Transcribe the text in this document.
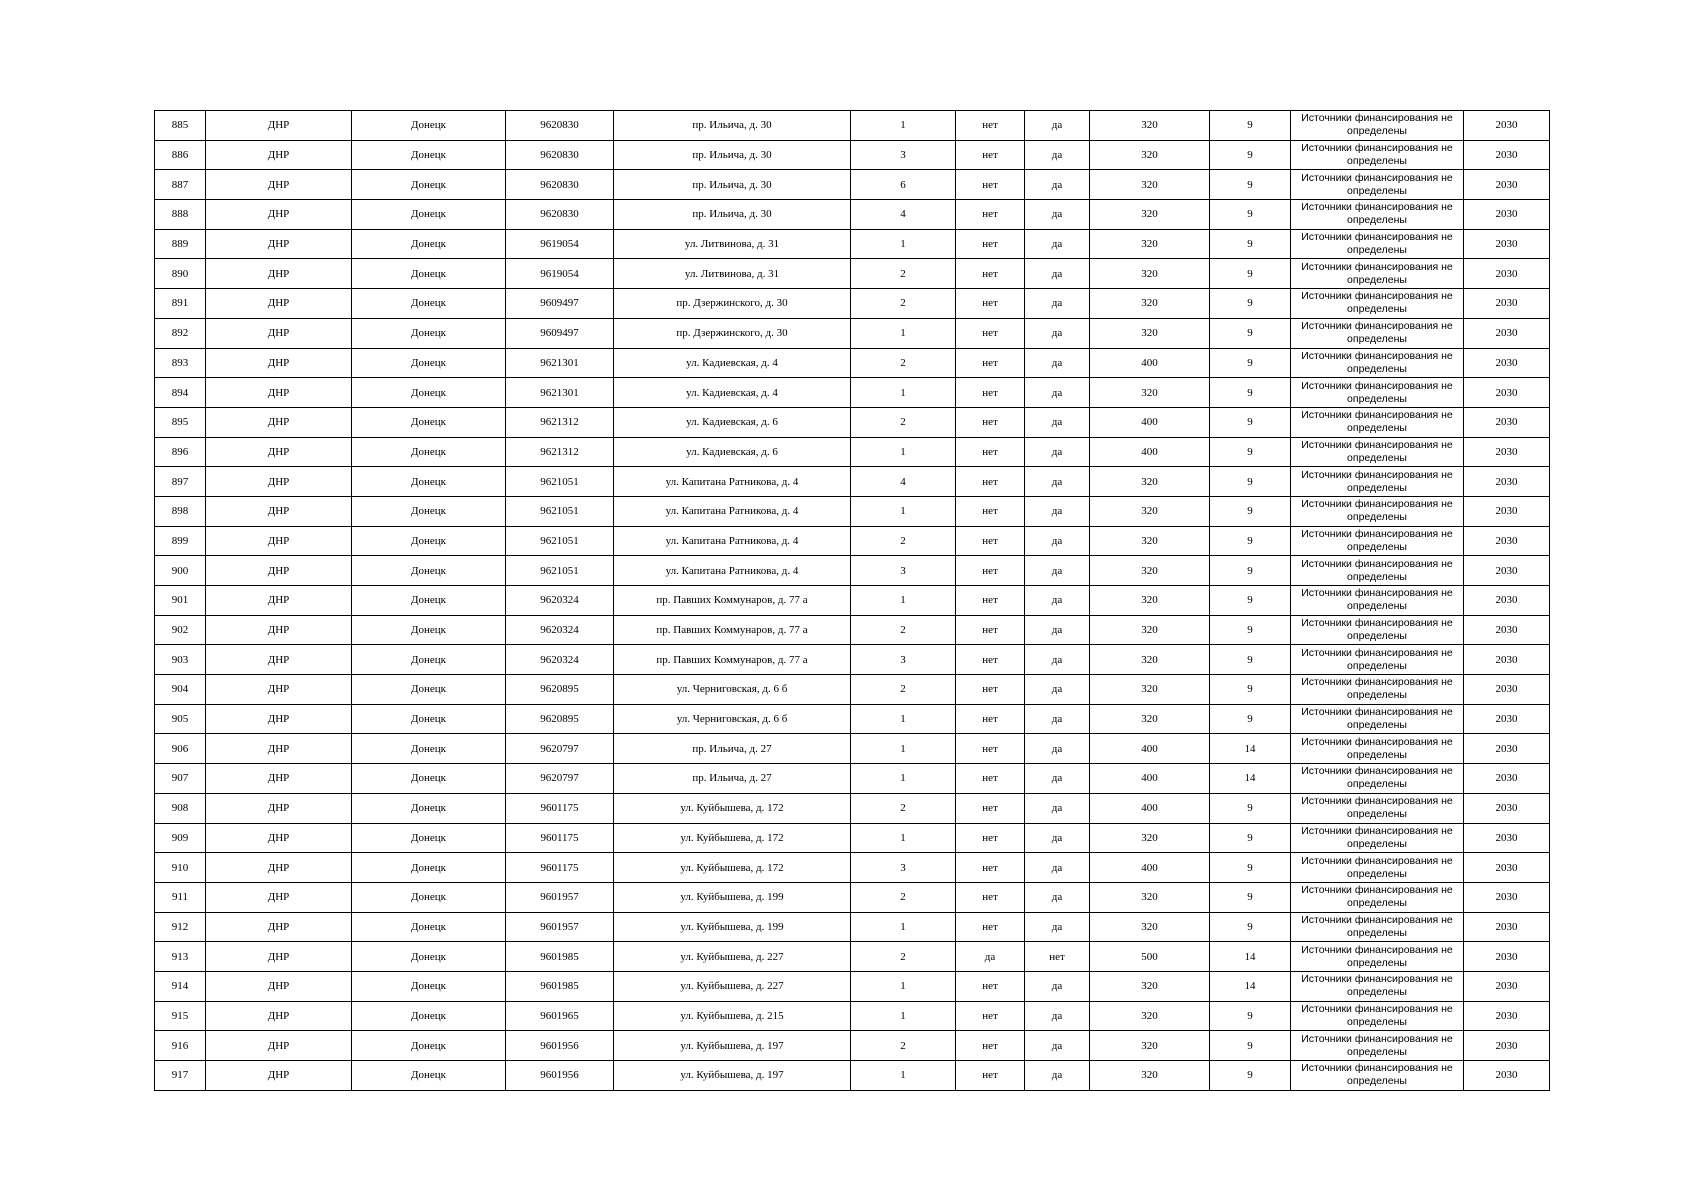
885	ДНР	Донецк	9620830	пр. Ильича, д. 30	1	нет	да	320	9	Источники финансирования не определены	2030
886	ДНР	Донецк	9620830	пр. Ильича, д. 30	3	нет	да	320	9	Источники финансирования не определены	2030
887	ДНР	Донецк	9620830	пр. Ильича, д. 30	6	нет	да	320	9	Источники финансирования не определены	2030
888	ДНР	Донецк	9620830	пр. Ильича, д. 30	4	нет	да	320	9	Источники финансирования не определены	2030
889	ДНР	Донецк	9619054	ул. Литвинова, д. 31	1	нет	да	320	9	Источники финансирования не определены	2030
890	ДНР	Донецк	9619054	ул. Литвинова, д. 31	2	нет	да	320	9	Источники финансирования не определены	2030
891	ДНР	Донецк	9609497	пр. Дзержинского, д. 30	2	нет	да	320	9	Источники финансирования не определены	2030
892	ДНР	Донецк	9609497	пр. Дзержинского, д. 30	1	нет	да	320	9	Источники финансирования не определены	2030
893	ДНР	Донецк	9621301	ул. Кадиевская, д. 4	2	нет	да	400	9	Источники финансирования не определены	2030
894	ДНР	Донецк	9621301	ул. Кадиевская, д. 4	1	нет	да	320	9	Источники финансирования не определены	2030
895	ДНР	Донецк	9621312	ул. Кадиевская, д. 6	2	нет	да	400	9	Источники финансирования не определены	2030
896	ДНР	Донецк	9621312	ул. Кадиевская, д. 6	1	нет	да	400	9	Источники финансирования не определены	2030
897	ДНР	Донецк	9621051	ул. Капитана Ратникова, д. 4	4	нет	да	320	9	Источники финансирования не определены	2030
898	ДНР	Донецк	9621051	ул. Капитана Ратникова, д. 4	1	нет	да	320	9	Источники финансирования не определены	2030
899	ДНР	Донецк	9621051	ул. Капитана Ратникова, д. 4	2	нет	да	320	9	Источники финансирования не определены	2030
900	ДНР	Донецк	9621051	ул. Капитана Ратникова, д. 4	3	нет	да	320	9	Источники финансирования не определены	2030
901	ДНР	Донецк	9620324	пр. Павших Коммунаров, д. 77 а	1	нет	да	320	9	Источники финансирования не определены	2030
902	ДНР	Донецк	9620324	пр. Павших Коммунаров, д. 77 а	2	нет	да	320	9	Источники финансирования не определены	2030
903	ДНР	Донецк	9620324	пр. Павших Коммунаров, д. 77 а	3	нет	да	320	9	Источники финансирования не определены	2030
904	ДНР	Донецк	9620895	ул. Черниговская, д. 6 б	2	нет	да	320	9	Источники финансирования не определены	2030
905	ДНР	Донецк	9620895	ул. Черниговская, д. 6 б	1	нет	да	320	9	Источники финансирования не определены	2030
906	ДНР	Донецк	9620797	пр. Ильича, д. 27	1	нет	да	400	14	Источники финансирования не определены	2030
907	ДНР	Донецк	9620797	пр. Ильича, д. 27	1	нет	да	400	14	Источники финансирования не определены	2030
908	ДНР	Донецк	9601175	ул. Куйбышева, д. 172	2	нет	да	400	9	Источники финансирования не определены	2030
909	ДНР	Донецк	9601175	ул. Куйбышева, д. 172	1	нет	да	320	9	Источники финансирования не определены	2030
910	ДНР	Донецк	9601175	ул. Куйбышева, д. 172	3	нет	да	400	9	Источники финансирования не определены	2030
911	ДНР	Донецк	9601957	ул. Куйбышева, д. 199	2	нет	да	320	9	Источники финансирования не определены	2030
912	ДНР	Донецк	9601957	ул. Куйбышева, д. 199	1	нет	да	320	9	Источники финансирования не определены	2030
913	ДНР	Донецк	9601985	ул. Куйбышева, д. 227	2	да	нет	500	14	Источники финансирования не определены	2030
914	ДНР	Донецк	9601985	ул. Куйбышева, д. 227	1	нет	да	320	14	Источники финансирования не определены	2030
915	ДНР	Донецк	9601965	ул. Куйбышева, д. 215	1	нет	да	320	9	Источники финансирования не определены	2030
916	ДНР	Донецк	9601956	ул. Куйбышева, д. 197	2	нет	да	320	9	Источники финансирования не определены	2030
917	ДНР	Донецк	9601956	ул. Куйбышева, д. 197	1	нет	да	320	9	Источники финансирования не определены	2030
